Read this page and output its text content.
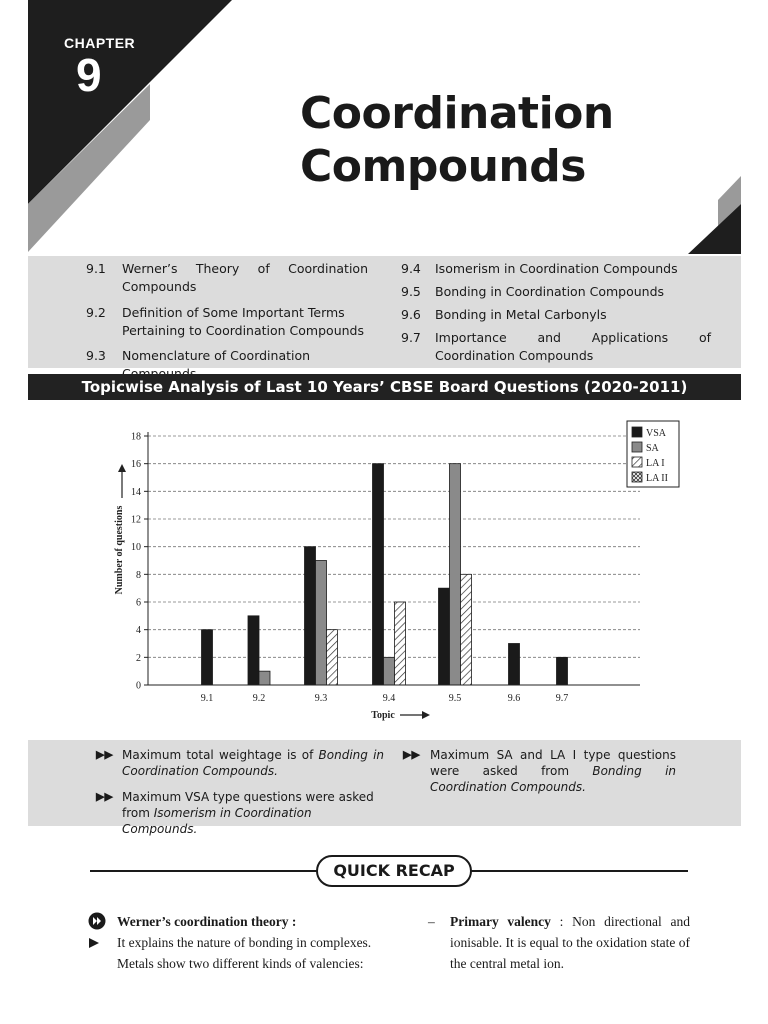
CHAPTER
9
Coordination
Compounds
9.1	Werner’s Theory of Coordination Compounds
9.2	Definition of Some Important Terms Pertaining to Coordination Compounds
9.3	Nomenclature of Coordination
9.4	Isomerism in Coordination Compounds
9.5	Bonding in Coordination Compounds
9.6	Bonding in Metal Carbonyls
9.7	Importance and Applications of Coordination Compounds
Topicwise Analysis of Last 10 Years’ CBSE Board Questions (2020-2011)
0
2
4
6
8
10
12
14
16
18
9.1	9.2	9.3	9.4	9.5	9.6	9.7
Number of questions
Topic
VSA
SA
LA I
LA II
▶▶ Maximum total weightage is of Bonding in Coordination Compounds.
▶▶ Maximum VSA type questions were asked from Isomerism in Coordination Compounds.
▶▶ Maximum SA and LA I type questions were asked from Bonding in Coordination Compounds.
QUICK RECAP
Werner’s coordination theory :
It explains the nature of bonding in complexes. Metals show two different kinds of valencies:
– Primary valency : Non directional and ionisable. It is equal to the oxidation state of the central metal ion.
